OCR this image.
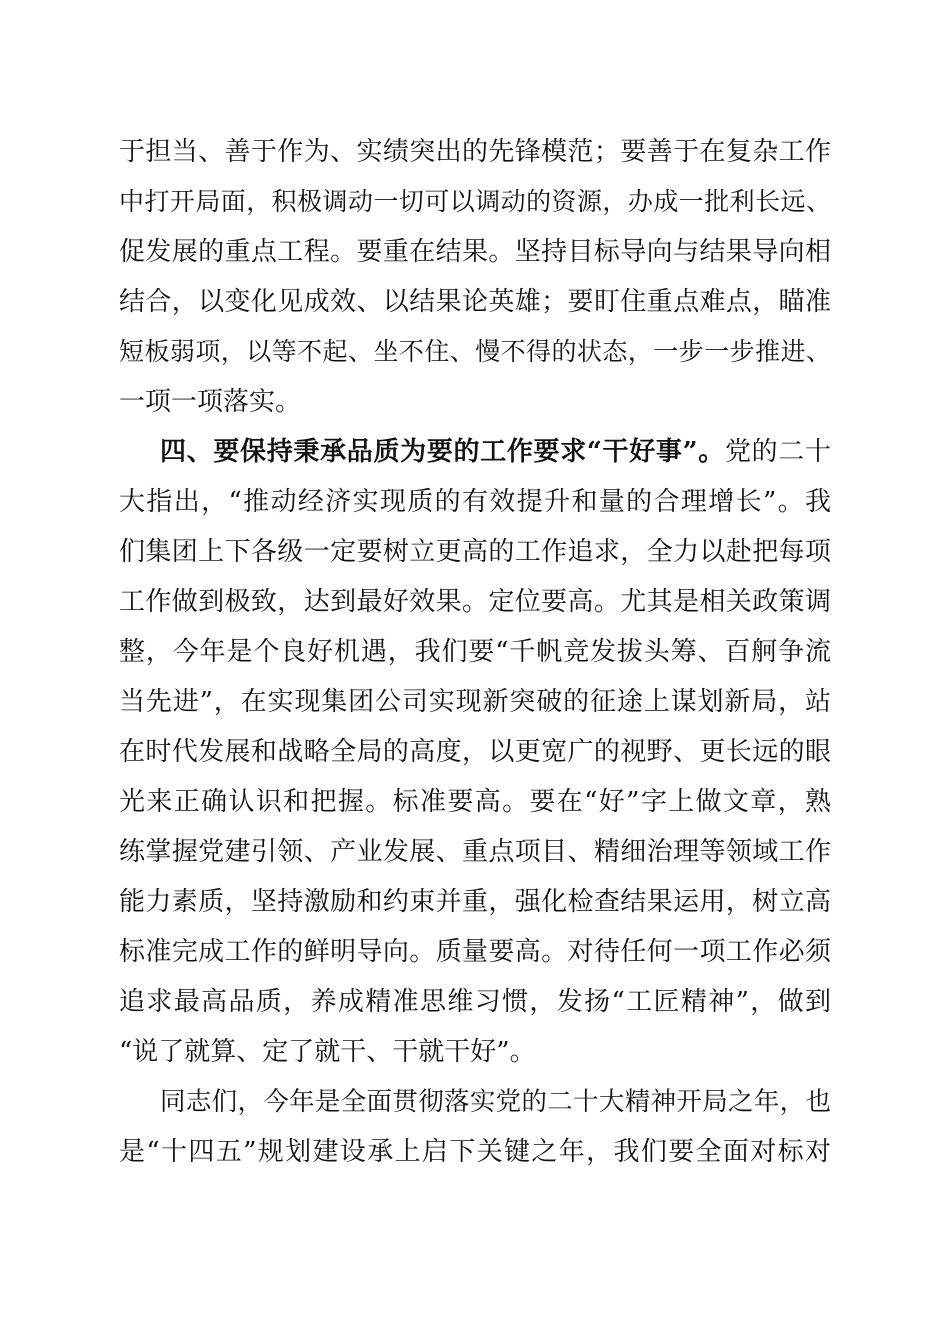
于担当、善于作为、实绩突出的先锋模范；要善于在复杂工作
中打开局面，积极调动一切可以调动的资源，办成一批利长远、
促发展的重点工程。要重在结果。坚持目标导向与结果导向相
结合，以变化见成效、以结果论英雄；要盯住重点难点，瞄准
短板弱项，以等不起、坐不住、慢不得的状态，一步一步推进、
一项一项落实。
四、要保持秉承品质为要的工作要求“干好事”。党的二十
大指出，“推动经济实现质的有效提升和量的合理增长”。我
们集团上下各级一定要树立更高的工作追求，全力以赴把每项
工作做到极致，达到最好效果。定位要高。尤其是相关政策调
整，今年是个良好机遇，我们要“千帆竞发拔头筹、百舸争流
当先进”，在实现集团公司实现新突破的征途上谋划新局，站
在时代发展和战略全局的高度，以更宽广的视野、更长远的眼
光来正确认识和把握。标准要高。要在“好”字上做文章，熟
练掌握党建引领、产业发展、重点项目、精细治理等领域工作
能力素质，坚持激励和约束并重，强化检查结果运用，树立高
标准完成工作的鲜明导向。质量要高。对待任何一项工作必须
追求最高品质，养成精准思维习惯，发扬“工匠精神”，做到
“说了就算、定了就干、干就干好”。
同志们，今年是全面贯彻落实党的二十大精神开局之年，也
是“十四五”规划建设承上启下关键之年，我们要全面对标对
